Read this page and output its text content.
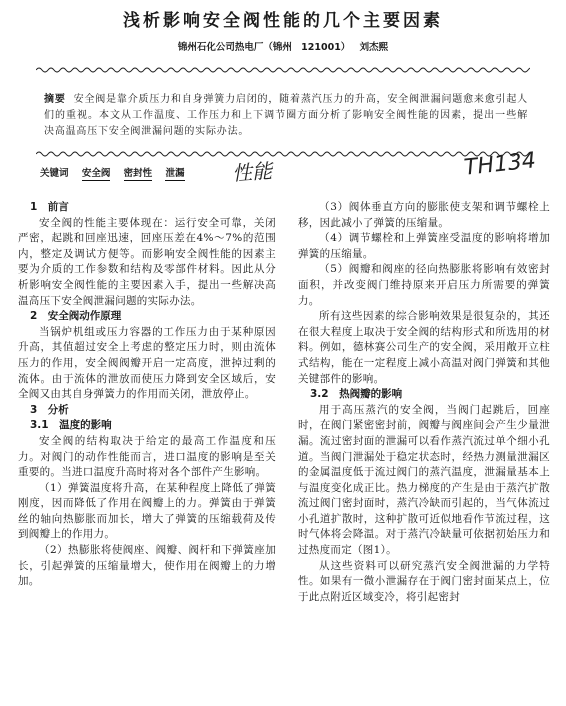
浅析影响安全阀性能的几个主要因素
锦州石化公司热电厂（锦州 121001） 刘杰熙
摘要 安全阀是靠介质压力和自身弹簧力启闭的，随着蒸汽压力的升高，安全阀泄漏问题愈来愈引起人们的重视。本文从工作温度、工作压力和上下调节圈方面分析了影响安全阀性能的因素，提出一些解决高温高压下安全阀泄漏问题的实际办法。
关键词 安全阀 密封性 泄漏	性能	TH134
1　前言

安全阀的性能主要体现在：运行安全可靠，关闭严密，起跳和回座迅速，回座压差在4%～7%的范围内，整定及调试方便等。而影响安全阀性能的因素主要为介质的工作参数和结构及零部件材料。因此从分析影响安全阀性能的主要因素入手，提出一些解决高温高压下安全阀泄漏问题的实际办法。

2　安全阀动作原理

当锅炉机组或压力容器的工作压力由于某种原因升高，其值超过安全上考虑的整定压力时，则由流体压力的作用，安全阀阀瓣开启一定高度，泄掉过剩的流体。由于流体的泄放而使压力降到安全区域后，安全阀又由其自身弹簧力的作用而关闭，泄放停止。

3　分析
3.1　温度的影响

安全阀的结构取决于给定的最高工作温度和压力。对阀门的动作性能而言，进口温度的影响是至关重要的。当进口温度升高时将对各个部件产生影响。

（1）弹簧温度将升高，在某种程度上降低了弹簧刚度，因而降低了作用在阀瓣上的力。弹簧由于弹簧丝的轴向热膨胀而加长，增大了弹簧的压缩载荷及传到阀瓣上的作用力。

（2）热膨胀将使阀座、阀瓣、阀杆和下弹簧座加长，引起弹簧的压缩量增大，使作用在阀瓣上的力增加。

（3）阀体垂直方向的膨胀使支架和调节螺栓上移，因此减小了弹簧的压缩量。

（4）调节螺栓和上弹簧座受温度的影响将增加弹簧的压缩量。

（5）阀瓣和阀座的径向热膨胀将影响有效密封面积，并改变阀门维持原来开启压力所需要的弹簧力。

所有这些因素的综合影响效果是很复杂的，其还在很大程度上取决于安全阀的结构形式和所选用的材料。例如，德林赛公司生产的安全阀，采用敞开立柱式结构，能在一定程度上减小高温对阀门弹簧和其他关键部件的影响。

3.2　热阀瓣的影响

用于高压蒸汽的安全阀，当阀门起跳后，回座时，在阀门紧密密封前，阀瓣与阀座间会产生少量泄漏。流过密封面的泄漏可以看作蒸汽流过单个细小孔道。当阀门泄漏处于稳定状态时，经热力测量泄漏区的金属温度低于流过阀门的蒸汽温度，泄漏量基本上与温度变化成正比。热力梯度的产生是由于蒸汽扩散流过阀门密封面时，蒸汽冷缺而引起的，当气体流过小孔道扩散时，这种扩散可近似地看作节流过程，这时气体将会降温。对于蒸汽冷缺量可依据初始压力和过热度而定（图1）。

从这些资料可以研究蒸汽安全阀泄漏的力学特性。如果有一微小泄漏存在于阀门密封面某点上，位于此点附近区域变冷，将引起密封
